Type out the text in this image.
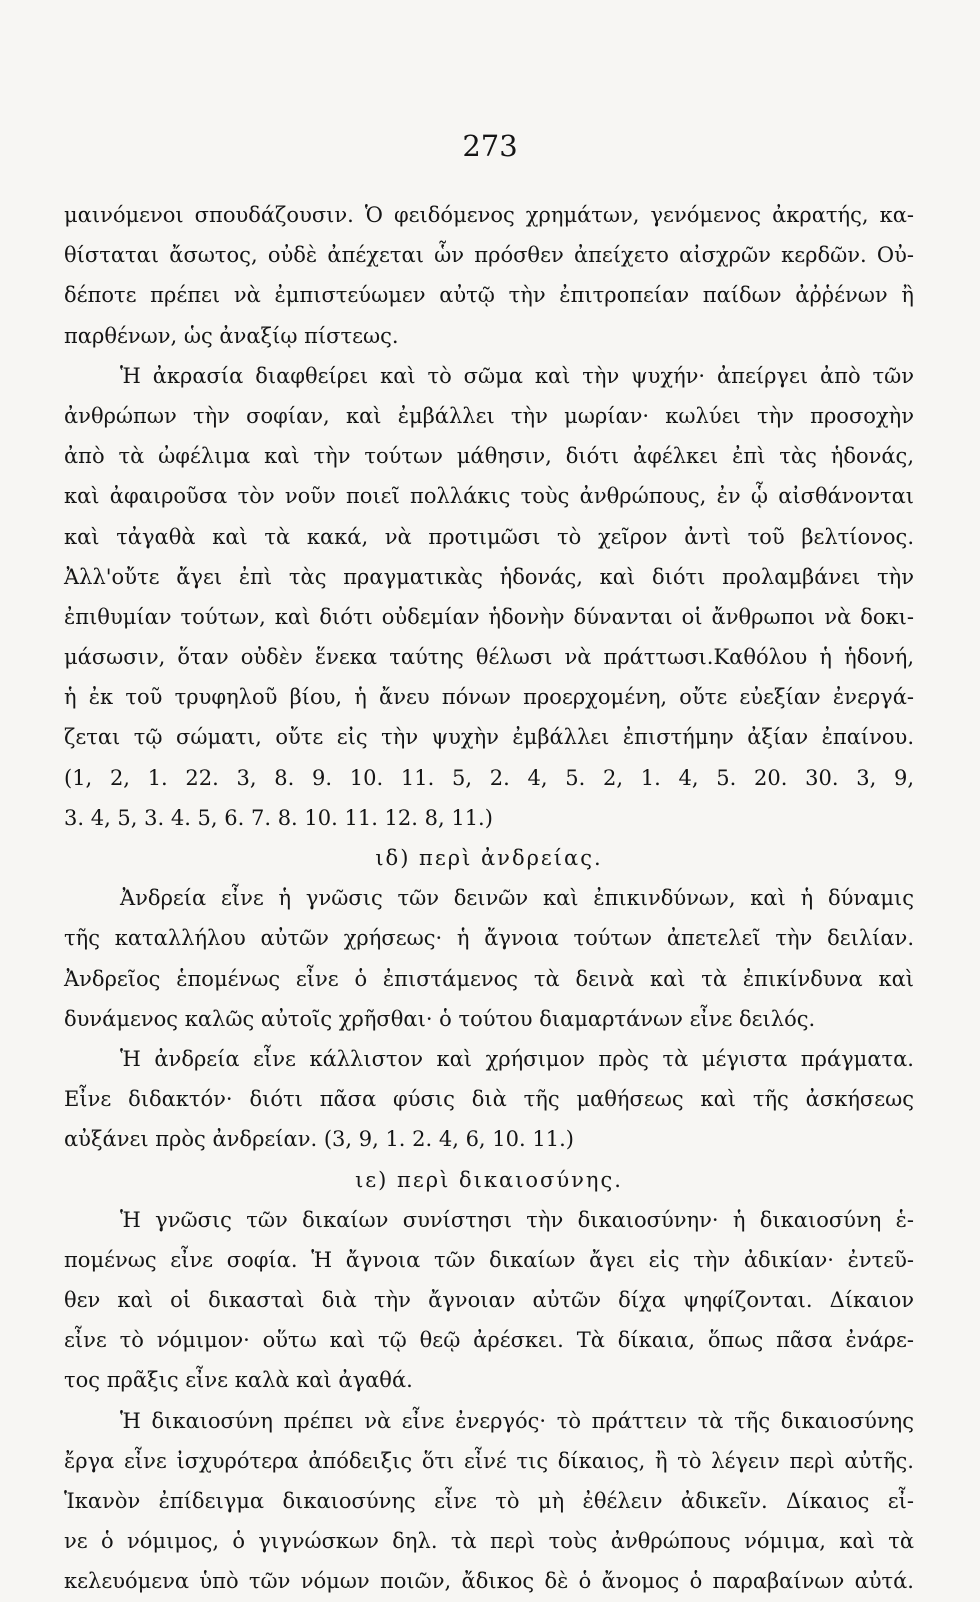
273
μαινόμενοι σπουδάζουσιν. Ὁ φειδόμενος χρημάτων, γενόμενος ἀκρατής, κα-
θίσταται ἄσωτος, οὐδὲ ἀπέχεται ὧν πρόσθεν ἀπείχετο αἰσχρῶν κερδῶν. Οὐ-
δέποτε πρέπει νὰ ἐμπιστεύωμεν αὐτῷ τὴν ἐπιτροπείαν παίδων ἀῤῥένων ἢ
παρθένων, ὡς ἀναξίῳ πίστεως.
Ἡ ἀκρασία διαφθείρει καὶ τὸ σῶμα καὶ τὴν ψυχήν· ἀπείργει ἀπὸ τῶν
ἀνθρώπων τὴν σοφίαν, καὶ ἐμβάλλει τὴν μωρίαν· κωλύει τὴν προσοχὴν
ἀπὸ τὰ ὠφέλιμα καὶ τὴν τούτων μάθησιν, διότι ἀφέλκει ἐπὶ τὰς ἡδονάς,
καὶ ἀφαιροῦσα τὸν νοῦν ποιεῖ πολλάκις τοὺς ἀνθρώπους, ἐν ᾧ αἰσθάνονται
καὶ τἀγαθὰ καὶ τὰ κακά, νὰ προτιμῶσι τὸ χεῖρον ἀντὶ τοῦ βελτίονος.
Ἀλλ'οὔτε ἄγει ἐπὶ τὰς πραγματικὰς ἡδονάς, καὶ διότι προλαμβάνει τὴν
ἐπιθυμίαν τούτων, καὶ διότι οὐδεμίαν ἡδονὴν δύνανται οἱ ἄνθρωποι νὰ δοκι-
μάσωσιν, ὅταν οὐδὲν ἕνεκα ταύτης θέλωσι νὰ πράττωσι.Καθόλου ἡ ἡδονή,
ἡ ἐκ τοῦ τρυφηλοῦ βίου, ἡ ἄνευ πόνων προερχομένη, οὔτε εὐεξίαν ἐνεργά-
ζεται τῷ σώματι, οὔτε εἰς τὴν ψυχὴν ἐμβάλλει ἐπιστήμην ἀξίαν ἐπαίνου.
(1, 2, 1. 22. 3, 8. 9. 10. 11. 5, 2. 4, 5. 2, 1. 4, 5. 20. 30. 3, 9,
3. 4, 5, 3. 4. 5, 6. 7. 8. 10. 11. 12. 8, 11.)
ιδ) περὶ ἀνδρείας.
Ἀνδρεία εἶνε ἡ γνῶσις τῶν δεινῶν καὶ ἐπικινδύνων, καὶ ἡ δύναμις
τῆς καταλλήλου αὐτῶν χρήσεως· ἡ ἄγνοια τούτων ἀπετελεῖ τὴν δειλίαν.
Ἀνδρεῖος ἑπομένως εἶνε ὁ ἐπιστάμενος τὰ δεινὰ καὶ τὰ ἐπικίνδυνα καὶ
δυνάμενος καλῶς αὐτοῖς χρῆσθαι· ὁ τούτου διαμαρτάνων εἶνε δειλός.
Ἡ ἀνδρεία εἶνε κάλλιστον καὶ χρήσιμον πρὸς τὰ μέγιστα πράγματα.
Εἶνε διδακτόν· διότι πᾶσα φύσις διὰ τῆς μαθήσεως καὶ τῆς ἀσκήσεως
αὐξάνει πρὸς ἀνδρείαν. (3, 9, 1. 2. 4, 6, 10. 11.)
ιε) περὶ δικαιοσύνης.
Ἡ γνῶσις τῶν δικαίων συνίστησι τὴν δικαιοσύνην· ἡ δικαιοσύνη ἑ-
πομένως εἶνε σοφία. Ἡ ἄγνοια τῶν δικαίων ἄγει εἰς τὴν ἀδικίαν· ἐντεῦ-
θεν καὶ οἱ δικασταὶ διὰ τὴν ἄγνοιαν αὐτῶν δίχα ψηφίζονται. Δίκαιον
εἶνε τὸ νόμιμον· οὕτω καὶ τῷ θεῷ ἀρέσκει. Τὰ δίκαια, ὅπως πᾶσα ἐνάρε-
τος πρᾶξις εἶνε καλὰ καὶ ἀγαθά.
Ἡ δικαιοσύνη πρέπει νὰ εἶνε ἐνεργός· τὸ πράττειν τὰ τῆς δικαιοσύνης
ἔργα εἶνε ἰσχυρότερα ἀπόδειξις ὅτι εἶνέ τις δίκαιος, ἢ τὸ λέγειν περὶ αὐτῆς.
Ἱκανὸν ἐπίδειγμα δικαιοσύνης εἶνε τὸ μὴ ἐθέλειν ἀδικεῖν. Δίκαιος εἶ-
νε ὁ νόμιμος, ὁ γιγνώσκων δηλ. τὰ περὶ τοὺς ἀνθρώπους νόμιμα, καὶ τὰ
κελευόμενα ὑπὸ τῶν νόμων ποιῶν, ἄδικος δὲ ὁ ἄνομος ὁ παραβαίνων αὐτά.
